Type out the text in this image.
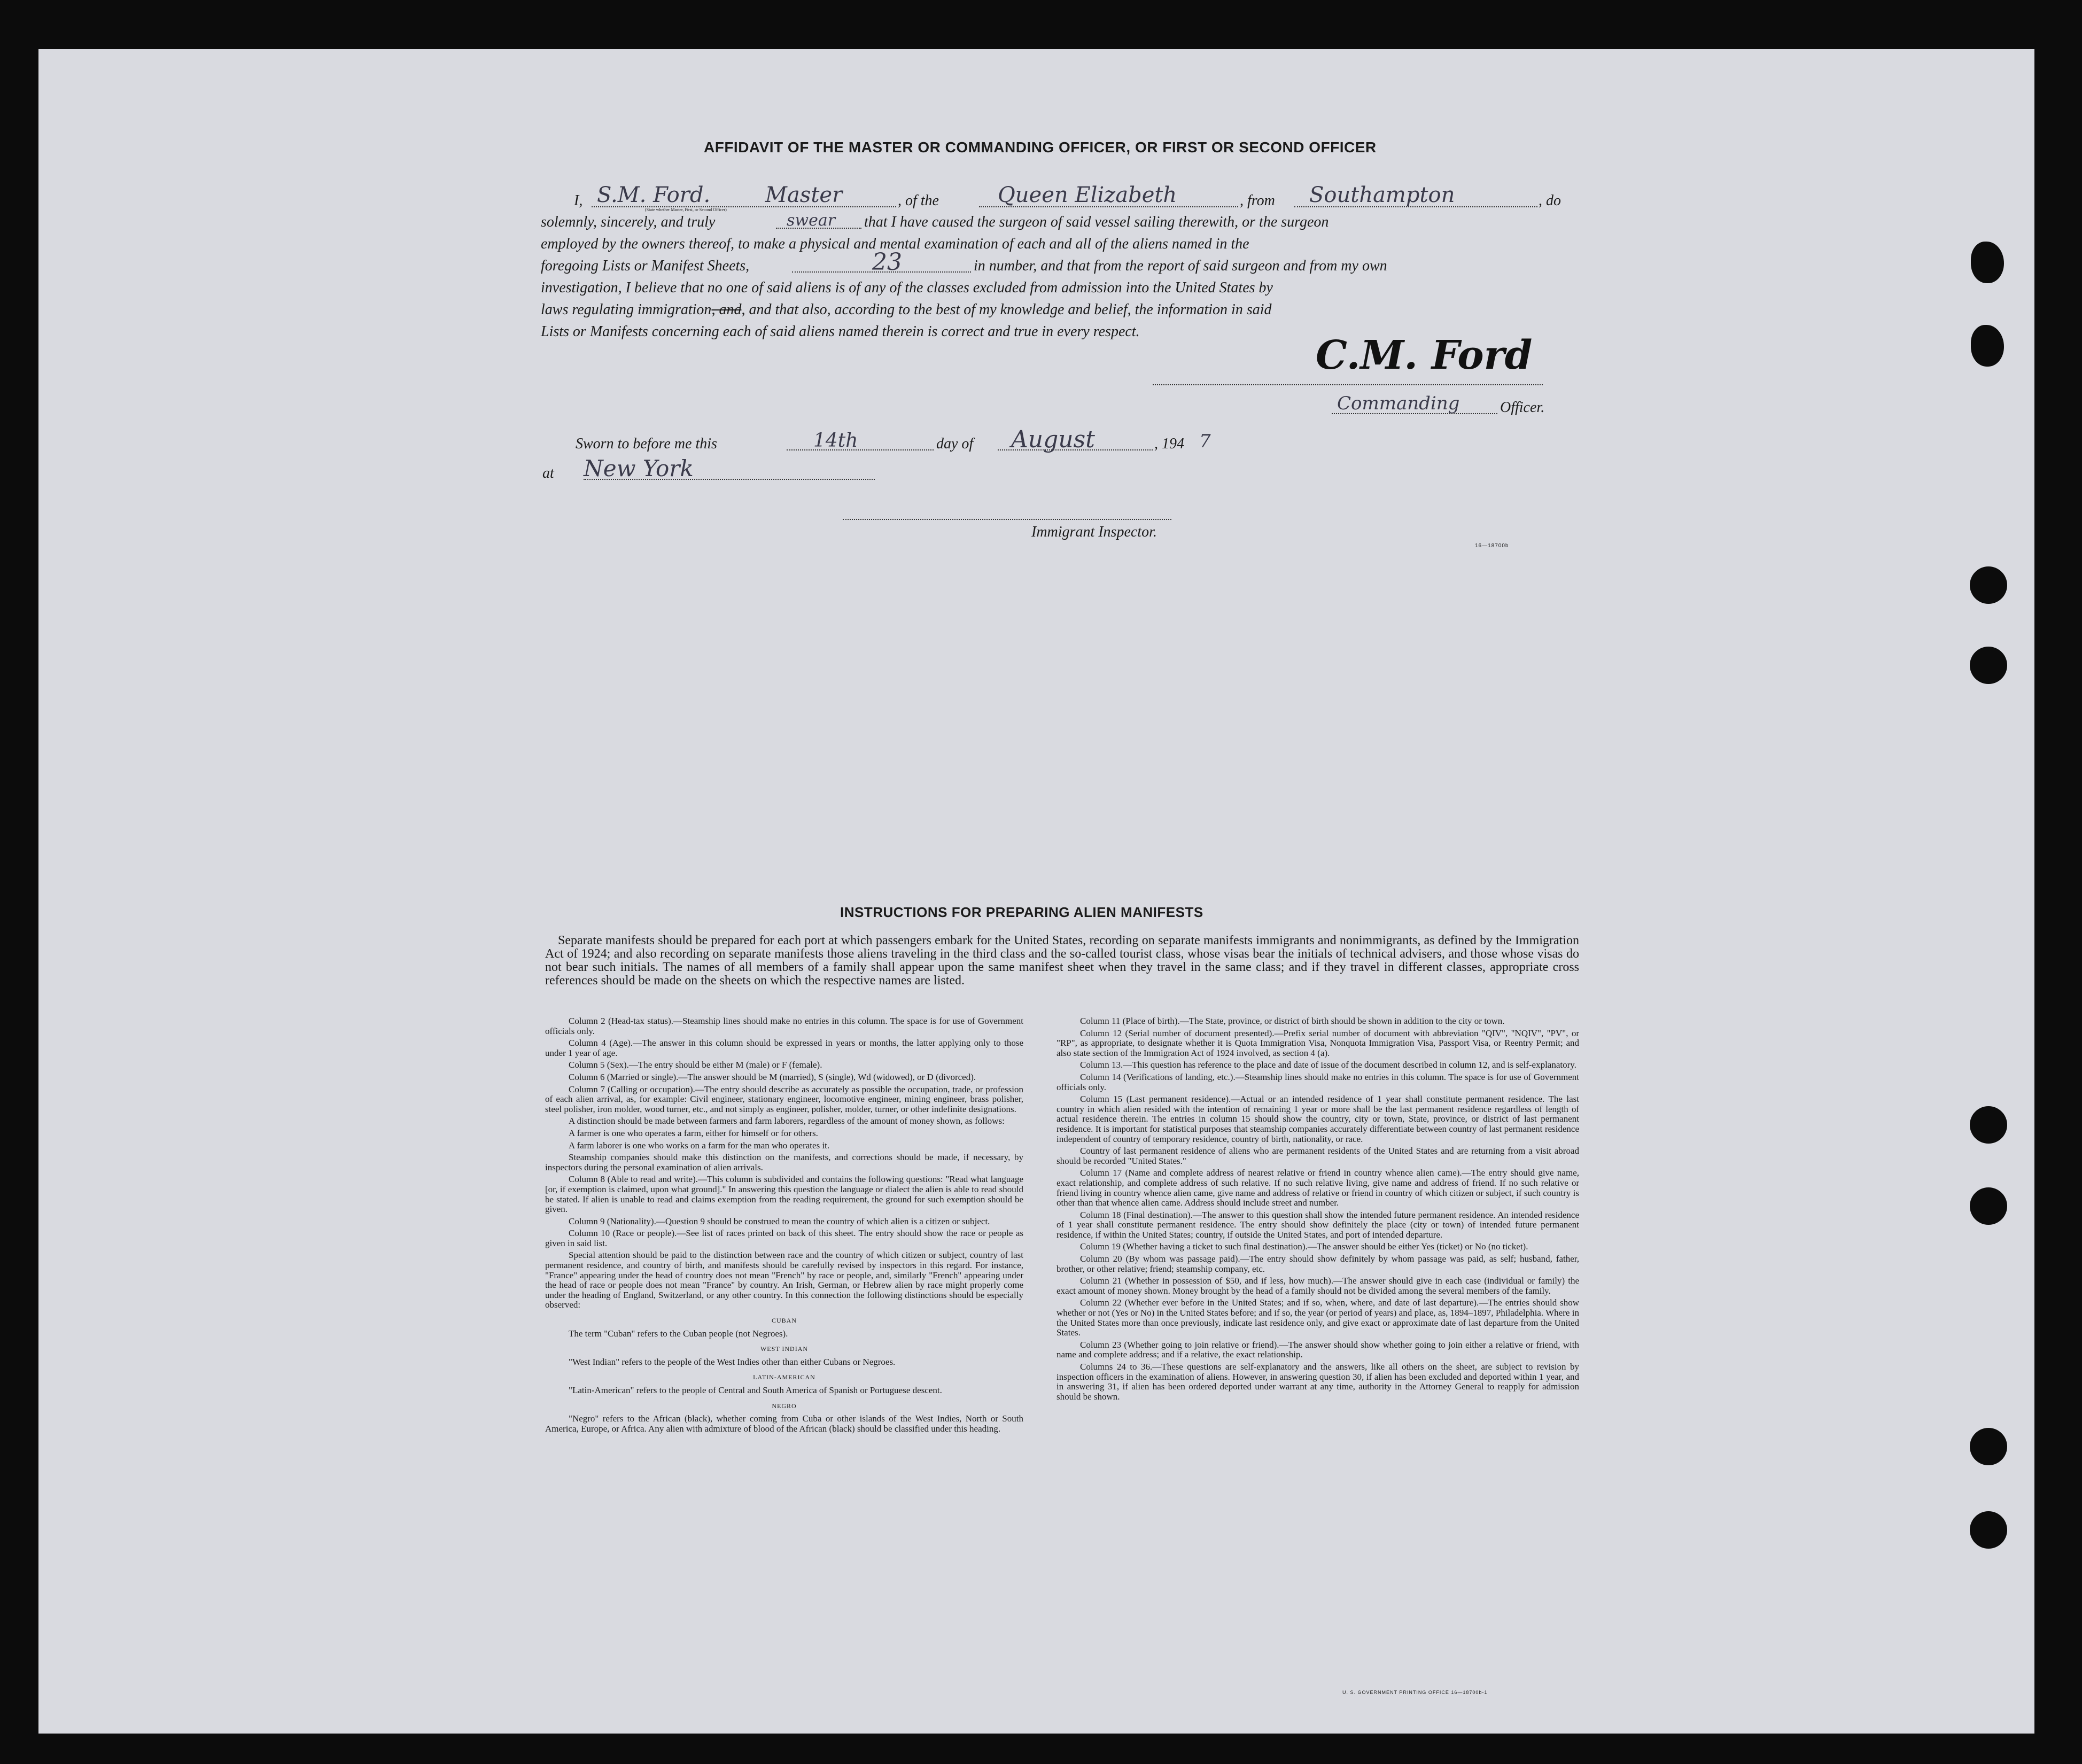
AFFIDAVIT OF THE MASTER OR COMMANDING OFFICER, OR FIRST OR SECOND OFFICER
I, S.M. Ford.	Master
(State whether Master, First, or Second Officer)
, of the	Queen Elizabeth	, from Southampton	, do
solemnly, sincerely, and truly	swear that I have caused the surgeon of said vessel sailing therewith, or the surgeon
employed by the owners thereof, to make a physical and mental examination of each and all of the aliens named in the
foregoing Lists or Manifest Sheets,	23	in number, and that from the report of said surgeon and from my own
investigation, I believe that no one of said aliens is of any of the classes excluded from admission into the United States by
laws regulating immigration, and, and that also, according to the best of my knowledge and belief, the information in said
Lists or Manifests concerning each of said aliens named therein is correct and true in every respect.
C.M. Ford
Commanding	Officer.
Sworn to before me this	14th	day of August	, 194 7
at New York
Immigrant Inspector.
16—18700b
INSTRUCTIONS FOR PREPARING ALIEN MANIFESTS
Separate manifests should be prepared for each port at which passengers embark for the United States, recording on separate manifests immigrants and nonimmigrants, as defined by the Immigration Act of 1924; and also recording on separate manifests those aliens traveling in the third class and the so-called tourist class, whose visas bear the initials of technical advisers, and those whose visas do not bear such initials. The names of all members of a family shall appear upon the same manifest sheet when they travel in the same class; and if they travel in different classes, appropriate cross references should be made on the sheets on which the respective names are listed.

Column 2 (Head-tax status).—Steamship lines should make no entries in this column. The space is for use of Government officials only.

Column 4 (Age).—The answer in this column should be expressed in years or months, the latter applying only to those under 1 year of age.

Column 5 (Sex).—The entry should be either M (male) or F (female).

Column 6 (Married or single).—The answer should be M (married), S (single), Wd (widowed), or D (divorced).

Column 7 (Calling or occupation).—The entry should describe as accurately as possible the occupation, trade, or profession of each alien arrival, as, for example: Civil engineer, stationary engineer, locomotive engineer, mining engineer, brass polisher, steel polisher, iron molder, wood turner, etc., and not simply as engineer, polisher, molder, turner, or other indefinite designations.

A distinction should be made between farmers and farm laborers, regardless of the amount of money shown, as follows:

A farmer is one who operates a farm, either for himself or for others.

A farm laborer is one who works on a farm for the man who operates it.

Steamship companies should make this distinction on the manifests, and corrections should be made, if necessary, by inspectors during the personal examination of alien arrivals.

Column 8 (Able to read and write).—This column is subdivided and contains the following questions: "Read what language [or, if exemption is claimed, upon what ground]." In answering this question the language or dialect the alien is able to read should be stated. If alien is unable to read and claims exemption from the reading requirement, the ground for such exemption should be given.

Column 9 (Nationality).—Question 9 should be construed to mean the country of which alien is a citizen or subject.

Column 10 (Race or people).—See list of races printed on back of this sheet. The entry should show the race or people as given in said list.

Special attention should be paid to the distinction between race and the country of which citizen or subject, country of last permanent residence, and country of birth, and manifests should be carefully revised by inspectors in this regard. For instance, "France" appearing under the head of country does not mean "French" by race or people, and, similarly "French" appearing under the head of race or people does not mean "France" by country. An Irish, German, or Hebrew alien by race might properly come under the heading of England, Switzerland, or any other country. In this connection the following distinctions should be especially observed:

CUBAN

The term "Cuban" refers to the Cuban people (not Negroes).

WEST INDIAN

"West Indian" refers to the people of the West Indies other than either Cubans or Negroes.

LATIN-AMERICAN

"Latin-American" refers to the people of Central and South America of Spanish or Portuguese descent.

NEGRO

"Negro" refers to the African (black), whether coming from Cuba or other islands of the West Indies, North or South America, Europe, or Africa. Any alien with admixture of blood of the African (black) should be classified under this heading.

Column 11 (Place of birth).—The State, province, or district of birth should be shown in addition to the city or town.

Column 12 (Serial number of document presented).—Prefix serial number of document with abbreviation "QIV", "NQIV", "PV", or "RP", as appropriate, to designate whether it is Quota Immigration Visa, Nonquota Immigration Visa, Passport Visa, or Reentry Permit; and also state section of the Immigration Act of 1924 involved, as section 4 (a).

Column 13.—This question has reference to the place and date of issue of the document described in column 12, and is self-explanatory.

Column 14 (Verifications of landing, etc.).—Steamship lines should make no entries in this column. The space is for use of Government officials only.

Column 15 (Last permanent residence).—Actual or an intended residence of 1 year shall constitute permanent residence. The last country in which alien resided with the intention of remaining 1 year or more shall be the last permanent residence regardless of length of actual residence therein. The entries in column 15 should show the country, city or town, State, province, or district of last permanent residence. It is important for statistical purposes that steamship companies accurately differentiate between country of last permanent residence independent of country of temporary residence, country of birth, nationality, or race.

Country of last permanent residence of aliens who are permanent residents of the United States and are returning from a visit abroad should be recorded "United States."

Column 17 (Name and complete address of nearest relative or friend in country whence alien came).—The entry should give name, exact relationship, and complete address of such relative. If no such relative living, give name and address of friend. If no such relative or friend living in country whence alien came, give name and address of relative or friend in country of which citizen or subject, if such country is other than that whence alien came. Address should include street and number.

Column 18 (Final destination).—The answer to this question shall show the intended future permanent residence. An intended residence of 1 year shall constitute permanent residence. The entry should show definitely the place (city or town) of intended future permanent residence, if within the United States; country, if outside the United States, and port of intended departure.

Column 19 (Whether having a ticket to such final destination).—The answer should be either Yes (ticket) or No (no ticket).

Column 20 (By whom was passage paid).—The entry should show definitely by whom passage was paid, as self; husband, father, brother, or other relative; friend; steamship company, etc.

Column 21 (Whether in possession of $50, and if less, how much).—The answer should give in each case (individual or family) the exact amount of money shown. Money brought by the head of a family should not be divided among the several members of the family.

Column 22 (Whether ever before in the United States; and if so, when, where, and date of last departure).—The entries should show whether or not (Yes or No) in the United States before; and if so, the year (or period of years) and place, as, 1894–1897, Philadelphia. Where in the United States more than once previously, indicate last residence only, and give exact or approximate date of last departure from the United States.

Column 23 (Whether going to join relative or friend).—The answer should show whether going to join either a relative or friend, with name and complete address; and if a relative, the exact relationship.

Columns 24 to 36.—These questions are self-explanatory and the answers, like all others on the sheet, are subject to revision by inspection officers in the examination of aliens. However, in answering question 30, if alien has been excluded and deported within 1 year, and in answering 31, if alien has been ordered deported under warrant at any time, authority in the Attorney General to reapply for admission should be shown.

U. S. GOVERNMENT PRINTING OFFICE 16—18700b-1
